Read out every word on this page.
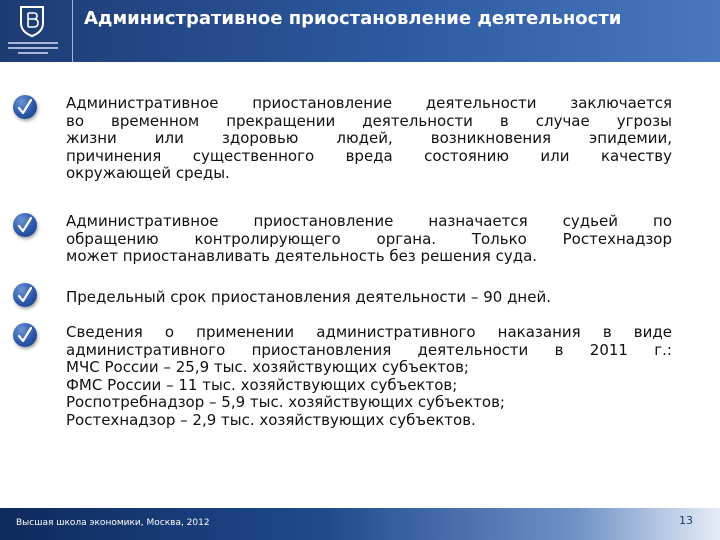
Административное приостановление деятельности
Административное приостановление деятельности заключается
во временном прекращении деятельности в случае угрозы
жизни или здоровью людей, возникновения эпидемии,
причинения существенного вреда состоянию или качеству
окружающей среды.
Административное приостановление назначается судьей по
обращению контролирующего органа. Только Ростехнадзор
может приостанавливать деятельность без решения суда.
Предельный срок приостановления деятельности – 90 дней.
Сведения о применении административного наказания в виде
административного приостановления деятельности в 2011 г.:
МЧС России – 25,9 тыс. хозяйствующих субъектов;
ФМС России – 11 тыс. хозяйствующих субъектов;
Роспотребнадзор – 5,9 тыс. хозяйствующих субъектов;
Ростехнадзор – 2,9 тыс. хозяйствующих субъектов.
Высшая школа экономики, Москва, 2012	13
